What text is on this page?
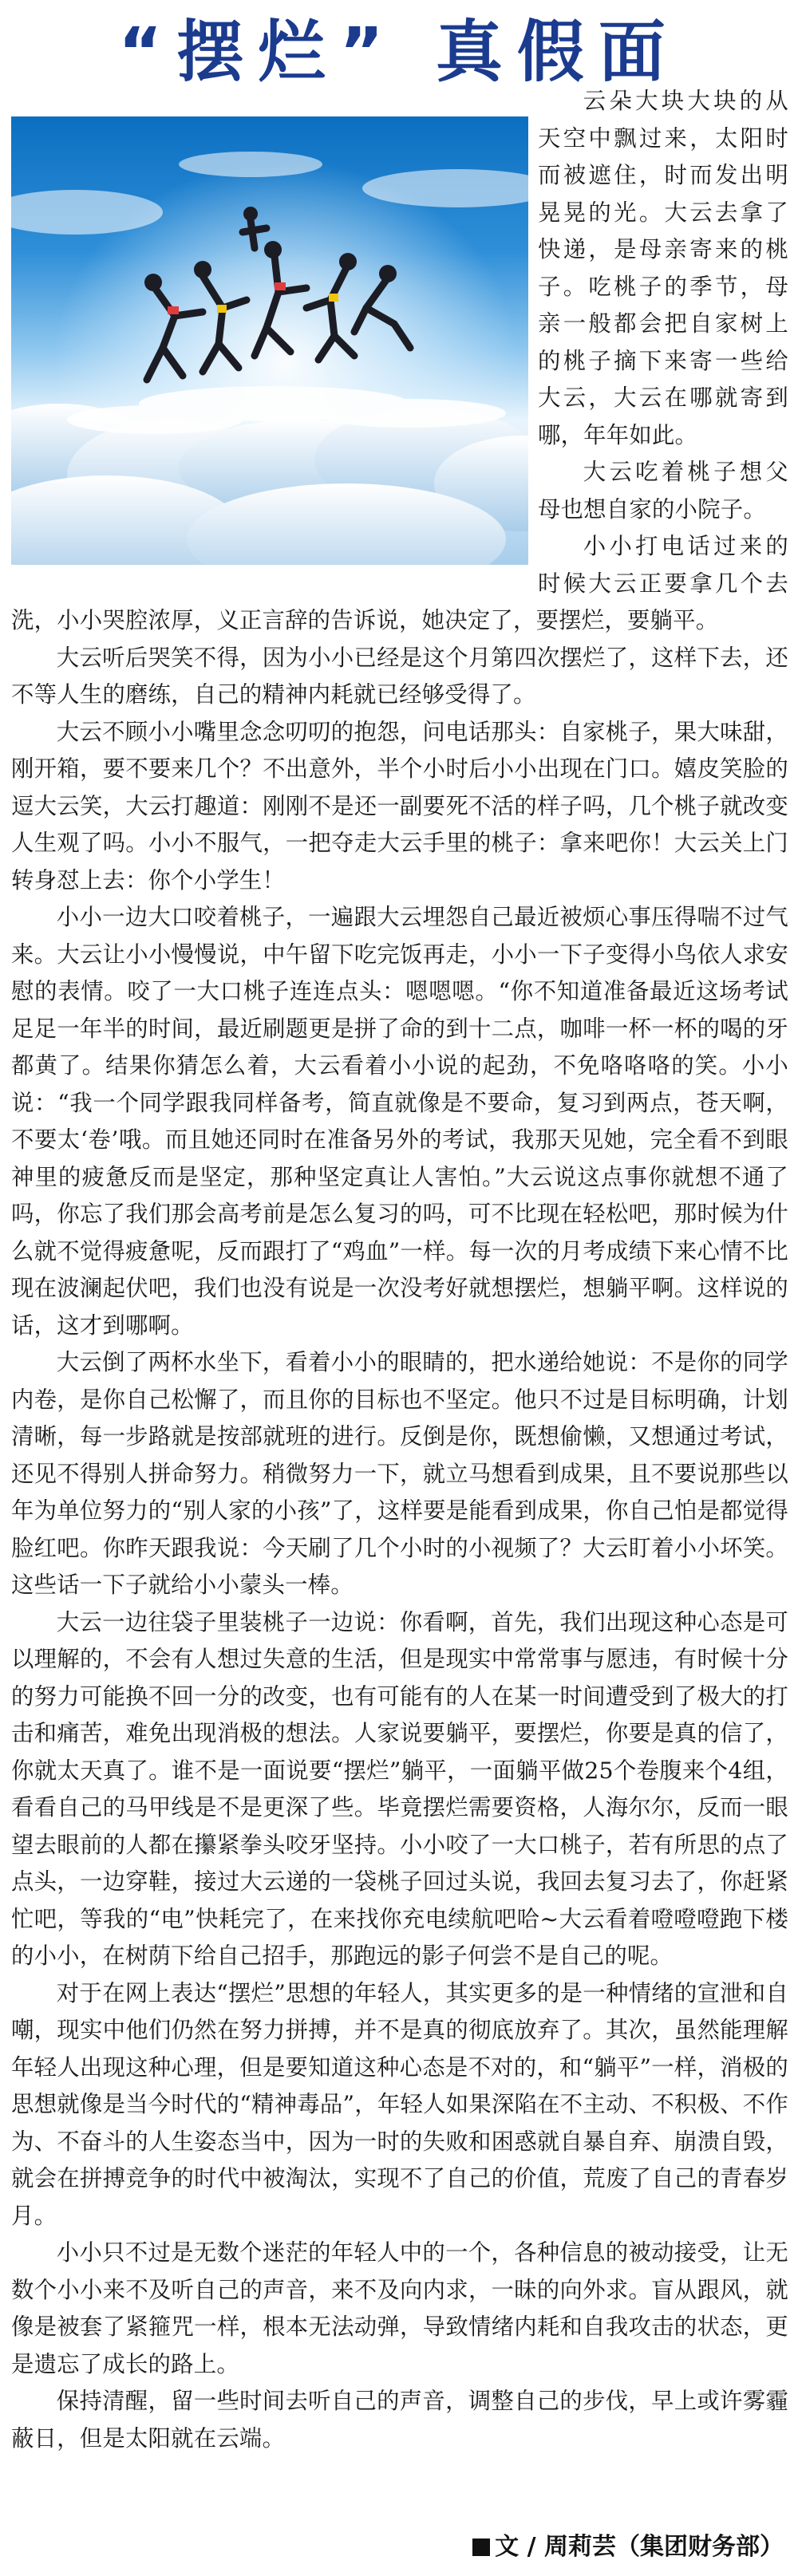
“摆烂” 真假面

云朵大块大块的从天空中飘过来，太阳时而被遮住，时而发出明晃晃的光。大云去拿了快递，是母亲寄来的桃子。吃桃子的季节，母亲一般都会把自家树上的桃子摘下来寄一些给大云，大云在哪就寄到哪，年年如此。

大云吃着桃子想父母也想自家的小院子。

小小打电话过来的时候大云正要拿几个去洗，小小哭腔浓厚，义正言辞的告诉说，她决定了，要摆烂，要躺平。

大云听后哭笑不得，因为小小已经是这个月第四次摆烂了，这样下去，还不等人生的磨练，自己的精神内耗就已经够受得了。

大云不顾小小嘴里念念叨叨的抱怨，问电话那头：自家桃子，果大味甜，刚开箱，要不要来几个？不出意外，半个小时后小小出现在门口。嬉皮笑脸的逗大云笑，大云打趣道：刚刚不是还一副要死不活的样子吗，几个桃子就改变人生观了吗。小小不服气，一把夺走大云手里的桃子：拿来吧你！大云关上门转身怼上去：你个小学生！

小小一边大口咬着桃子，一遍跟大云埋怨自己最近被烦心事压得喘不过气来。大云让小小慢慢说，中午留下吃完饭再走，小小一下子变得小鸟依人求安慰的表情。咬了一大口桃子连连点头：嗯嗯嗯。“你不知道准备最近这场考试足足一年半的时间，最近刷题更是拼了命的到十二点，咖啡一杯一杯的喝的牙都黄了。结果你猜怎么着，大云看着小小说的起劲，不免咯咯咯的笑。小小说：“我一个同学跟我同样备考，简直就像是不要命，复习到两点，苍天啊，不要太‘卷’哦。而且她还同时在准备另外的考试，我那天见她，完全看不到眼神里的疲惫反而是坚定，那种坚定真让人害怕。”大云说这点事你就想不通了吗，你忘了我们那会高考前是怎么复习的吗，可不比现在轻松吧，那时候为什么就不觉得疲惫呢，反而跟打了“鸡血”一样。每一次的月考成绩下来心情不比现在波澜起伏吧，我们也没有说是一次没考好就想摆烂，想躺平啊。这样说的话，这才到哪啊。

大云倒了两杯水坐下，看着小小的眼睛的，把水递给她说：不是你的同学内卷，是你自己松懈了，而且你的目标也不坚定。他只不过是目标明确，计划清晰，每一步路就是按部就班的进行。反倒是你，既想偷懒，又想通过考试，还见不得别人拼命努力。稍微努力一下，就立马想看到成果，且不要说那些以年为单位努力的“别人家的小孩”了，这样要是能看到成果，你自己怕是都觉得脸红吧。你昨天跟我说：今天刷了几个小时的小视频了？大云盯着小小坏笑。这些话一下子就给小小蒙头一棒。

大云一边往袋子里装桃子一边说：你看啊，首先，我们出现这种心态是可以理解的，不会有人想过失意的生活，但是现实中常常事与愿违，有时候十分的努力可能换不回一分的改变，也有可能有的人在某一时间遭受到了极大的打击和痛苦，难免出现消极的想法。人家说要躺平，要摆烂，你要是真的信了，你就太天真了。谁不是一面说要“摆烂”躺平，一面躺平做25个卷腹来个4组，看看自己的马甲线是不是更深了些。毕竟摆烂需要资格，人海尔尔，反而一眼望去眼前的人都在攥紧拳头咬牙坚持。小小咬了一大口桃子，若有所思的点了点头，一边穿鞋，接过大云递的一袋桃子回过头说，我回去复习去了，你赶紧忙吧，等我的“电”快耗完了，在来找你充电续航吧哈~大云看着噔噔噔跑下楼的小小，在树荫下给自己招手，那跑远的影子何尝不是自己的呢。

对于在网上表达“摆烂”思想的年轻人，其实更多的是一种情绪的宣泄和自嘲，现实中他们仍然在努力拼搏，并不是真的彻底放弃了。其次，虽然能理解年轻人出现这种心理，但是要知道这种心态是不对的，和“躺平”一样，消极的思想就像是当今时代的“精神毒品”，年轻人如果深陷在不主动、不积极、不作为、不奋斗的人生姿态当中，因为一时的失败和困惑就自暴自弃、崩溃自毁，就会在拼搏竞争的时代中被淘汰，实现不了自己的价值，荒废了自己的青春岁月。

小小只不过是无数个迷茫的年轻人中的一个，各种信息的被动接受，让无数个小小来不及听自己的声音，来不及向内求，一昧的向外求。盲从跟风，就像是被套了紧箍咒一样，根本无法动弹，导致情绪内耗和自我攻击的状态，更是遗忘了成长的路上。

保持清醒，留一些时间去听自己的声音，调整自己的步伐，早上或许雾霾蔽日，但是太阳就在云端。

文 / 周莉芸（集团财务部）
